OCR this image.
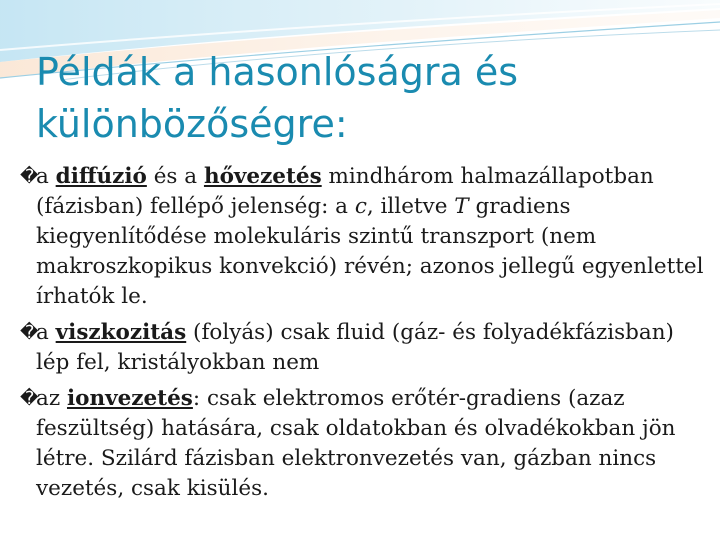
Példák a hasonlóságra és különbözőségre:

�
a diffúzió és a hővezetés mindhárom halmazállapotban (fázisban) fellépő jelenség: a c, illetve T gradiens kiegyenlítődése molekuláris szintű transzport (nem makroszkopikus konvekció) révén; azonos jellegű egyenlettel írhatók le.

�
a viszkozitás (folyás) csak fluid (gáz- és folyadékfázisban) lép fel, kristályokban nem

�
az ionvezetés: csak elektromos erőtér-gradiens (azaz feszültség) hatására, csak oldatokban és olvadékokban jön létre. Szilárd fázisban elektronvezetés van, gázban nincs vezetés, csak kisülés.
